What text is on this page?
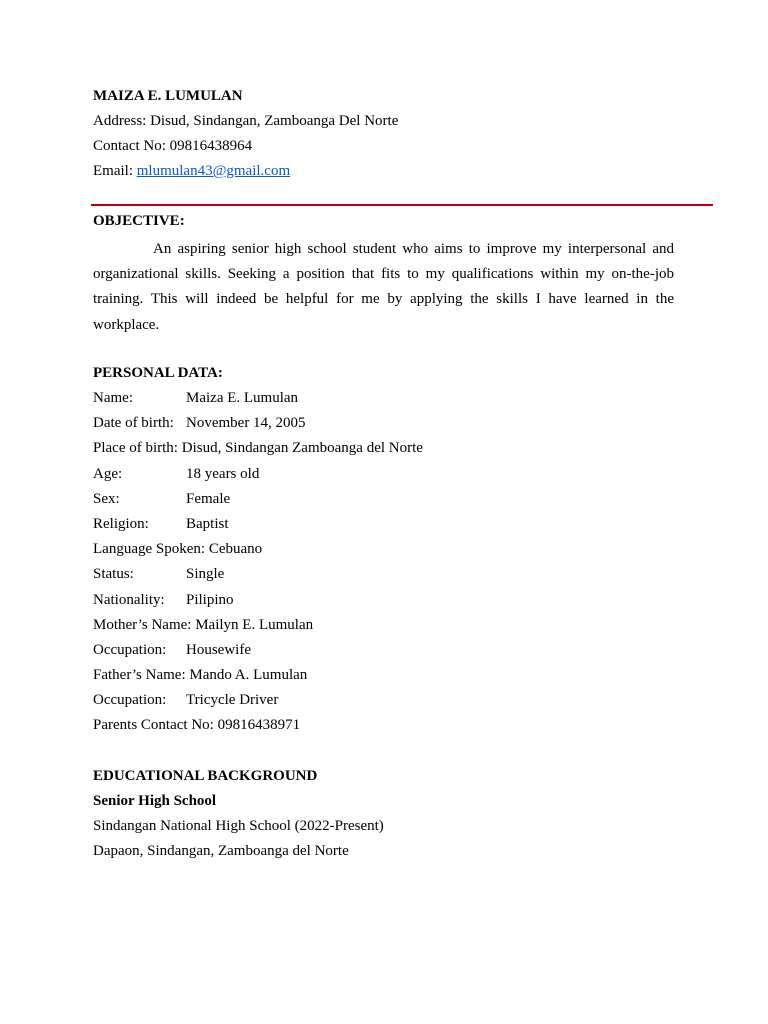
MAIZA E. LUMULAN
Address: Disud, Sindangan, Zamboanga Del Norte
Contact No: 09816438964
Email: mlumulan43@gmail.com
OBJECTIVE:
An aspiring senior high school student who aims to improve my interpersonal and organizational skills. Seeking a position that fits to my qualifications within my on-the-job training. This will indeed be helpful for me by applying the skills I have learned in the workplace.
PERSONAL DATA:
Name:	Maiza E. Lumulan
Date of birth: November 14, 2005
Place of birth: Disud, Sindangan Zamboanga del Norte
Age:	18 years old
Sex:	Female
Religion: Baptist
Language Spoken: Cebuano
Status:	Single
Nationality: Pilipino
Mother’s Name: Mailyn E. Lumulan
Occupation: Housewife
Father’s Name: Mando A. Lumulan
Occupation: Tricycle Driver
Parents Contact No: 09816438971
EDUCATIONAL BACKGROUND
Senior High School
Sindangan National High School (2022-Present)
Dapaon, Sindangan, Zamboanga del Norte
